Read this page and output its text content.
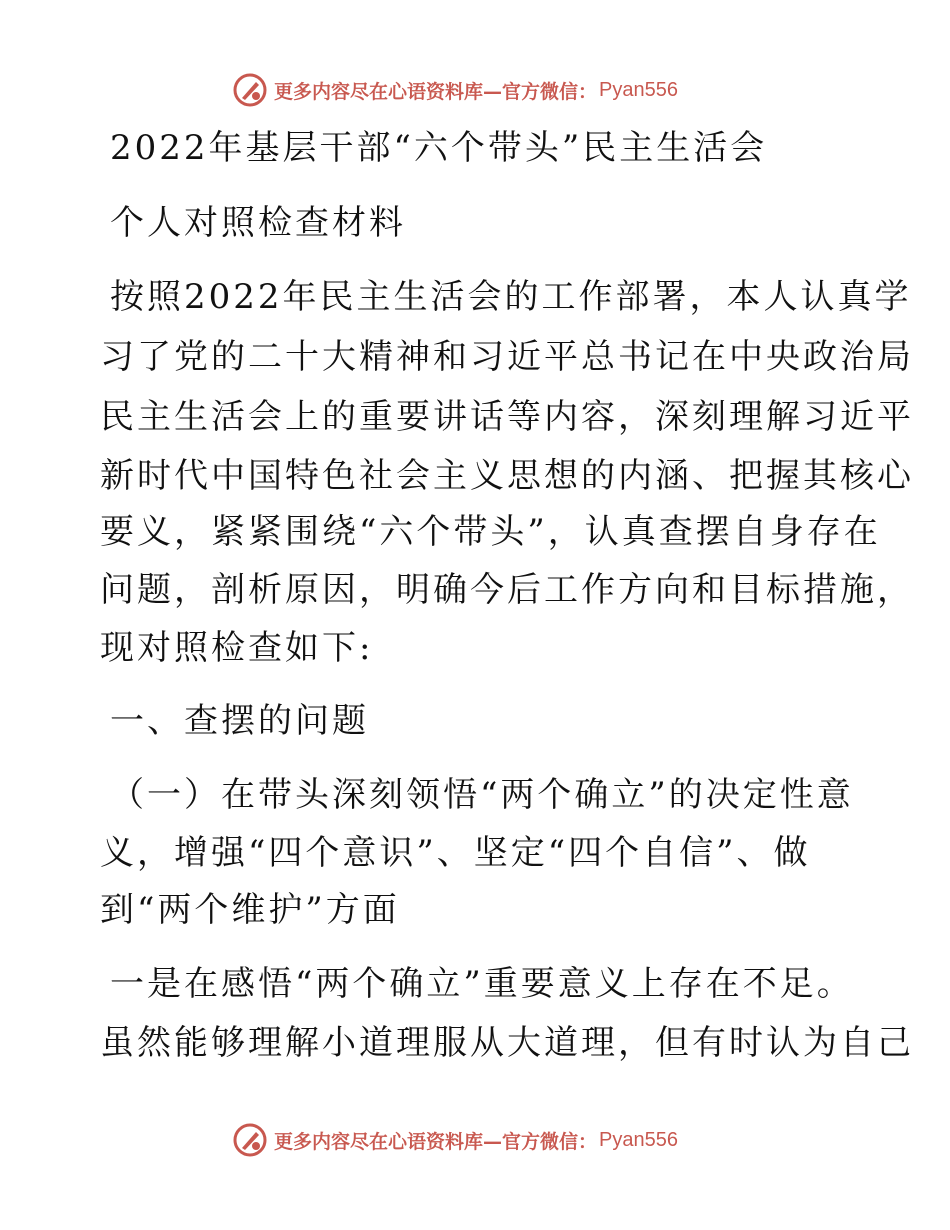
更多内容尽在心语资料库—官方微信： Pyan556
2022年基层干部“六个带头”民主生活会
个人对照检查材料
按照2022年民主生活会的工作部署，本人认真学
习了党的二十大精神和习近平总书记在中央政治局
民主生活会上的重要讲话等内容，深刻理解习近平
新时代中国特色社会主义思想的内涵、把握其核心
要义，紧紧围绕“六个带头”，认真查摆自身存在
问题，剖析原因，明确今后工作方向和目标措施，
现对照检查如下:
一、查摆的问题
（一）在带头深刻领悟“两个确立”的决定性意
义，增强“四个意识”、坚定“四个自信”、做
到“两个维护”方面
一是在感悟“两个确立”重要意义上存在不足。
虽然能够理解小道理服从大道理，但有时认为自己
更多内容尽在心语资料库—官方微信： Pyan556
